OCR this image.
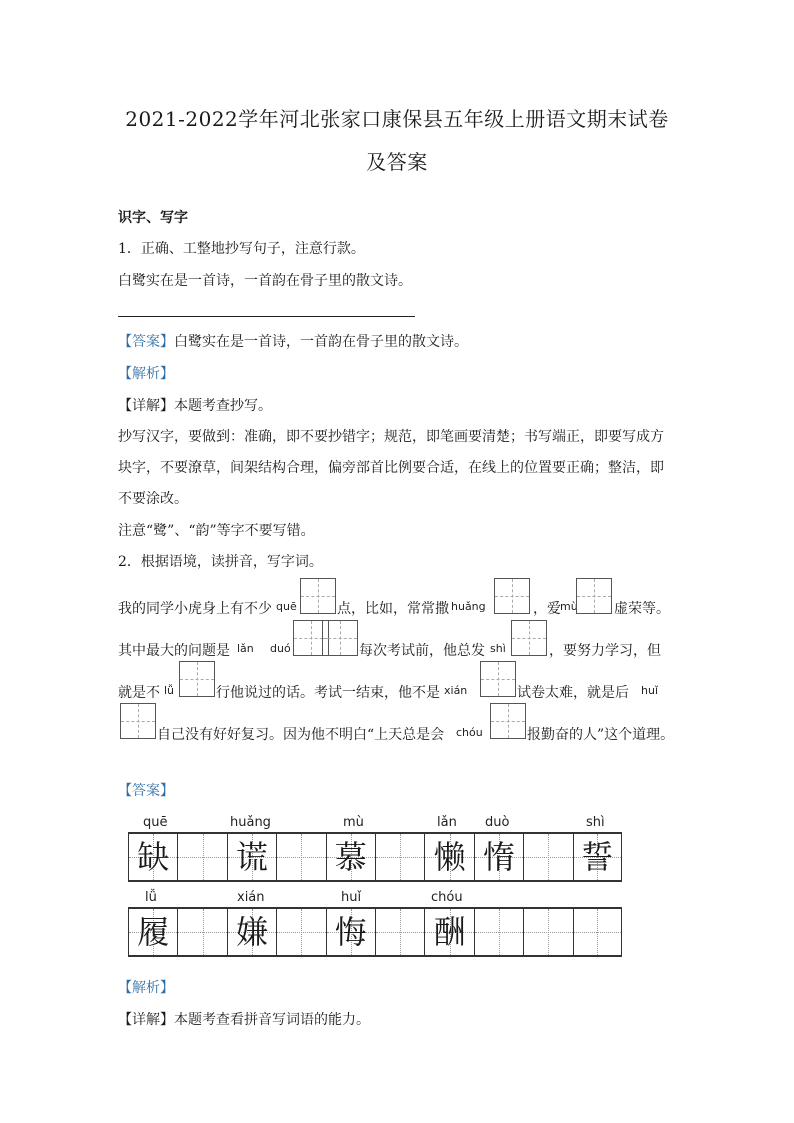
2021-2022学年河北张家口康保县五年级上册语文期末试卷
及答案
识字、写字
1．正确、工整地抄写句子，注意行款。
白鹭实在是一首诗，一首韵在骨子里的散文诗。
【答案】白鹭实在是一首诗，一首韵在骨子里的散文诗。
【解析】
【详解】本题考查抄写。
抄写汉字，要做到：准确，即不要抄错字；规范，即笔画要清楚；书写端正，即要写成方
块字，不要潦草，间架结构合理，偏旁部首比例要合适，在线上的位置要正确；整洁，即
不要涂改。
注意“鹭”、“韵”等字不要写错。
2．根据语境，读拼音，写字词。
我的同学小虎身上有不少 quē	点，比如，常常撒 huǎng	，爱 mù	虚荣等。
其中最大的问题是 lǎn duó	每次考试前，他总发 shì	，要努力学习，但
就是不 lǚ	行他说过的话。考试一结束，他不是 xián	试卷太难，就是后 huǐ
自己没有好好复习。因为他不明白“上天总是会 chóu	报勤奋的人”这个道理。
【答案】
quē	huǎng	mù	lǎn duò	shì
缺 谎 慕 懒 惰 誓
lǚ	xián	huǐ	chóu
履 嫌 悔 酬
【解析】
【详解】本题考查看拼音写词语的能力。
